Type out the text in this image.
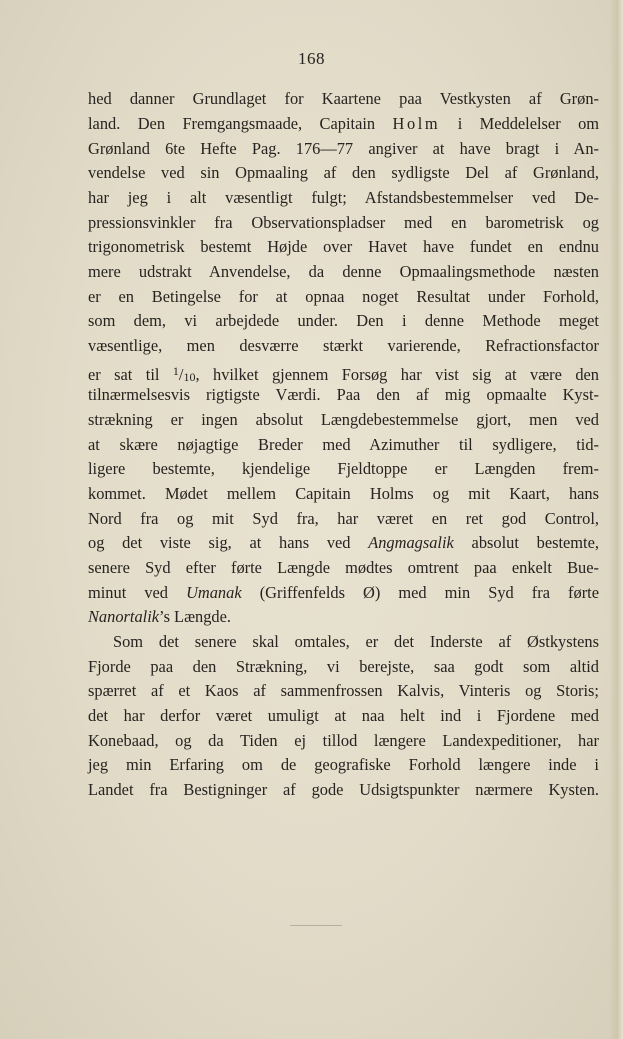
168
hed danner Grundlaget for Kaartene paa Vestkysten af Grøn-
land. Den Fremgangsmaade, Capitain Holm i Meddelelser om
Grønland 6te Hefte Pag. 176—77 angiver at have bragt i An-
vendelse ved sin Opmaaling af den sydligste Del af Grønland,
har jeg i alt væsentligt fulgt; Afstandsbestemmelser ved De-
pressionsvinkler fra Observationspladser med en barometrisk og
trigonometrisk bestemt Højde over Havet have fundet en endnu
mere udstrakt Anvendelse, da denne Opmaalingsmethode næsten
er en Betingelse for at opnaa noget Resultat under Forhold,
som dem, vi arbejdede under. Den i denne Methode meget
væsentlige, men desværre stærkt varierende, Refractionsfactor
er sat til $^1$/10, hvilket gjennem Forsøg har vist sig at være den
tilnærmelsesvis rigtigste Værdi. Paa den af mig opmaalte Kyst-
strækning er ingen absolut Længdebestemmelse gjort, men ved
at skære nøjagtige Breder med Azimuther til sydligere, tid-
ligere bestemte, kjendelige Fjeldtoppe er Længden frem-
kommet. Mødet mellem Capitain Holms og mit Kaart, hans
Nord fra og mit Syd fra, har været en ret god Control,
og det viste sig, at hans ved Angmagsalik absolut bestemte,
senere Syd efter førte Længde mødtes omtrent paa enkelt Bue-
minut ved Umanak (Griffenfelds Ø) med min Syd fra førte
Nanortalik’s Længde.
Som det senere skal omtales, er det Inderste af Østkystens
Fjorde paa den Strækning, vi berejste, saa godt som altid
spærret af et Kaos af sammenfrossen Kalvis, Vinteris og Storis;
det har derfor været umuligt at naa helt ind i Fjordene med
Konebaad, og da Tiden ej tillod længere Landexpeditioner, har
jeg min Erfaring om de geografiske Forhold længere inde i
Landet fra Bestigninger af gode Udsigtspunkter nærmere Kysten.
